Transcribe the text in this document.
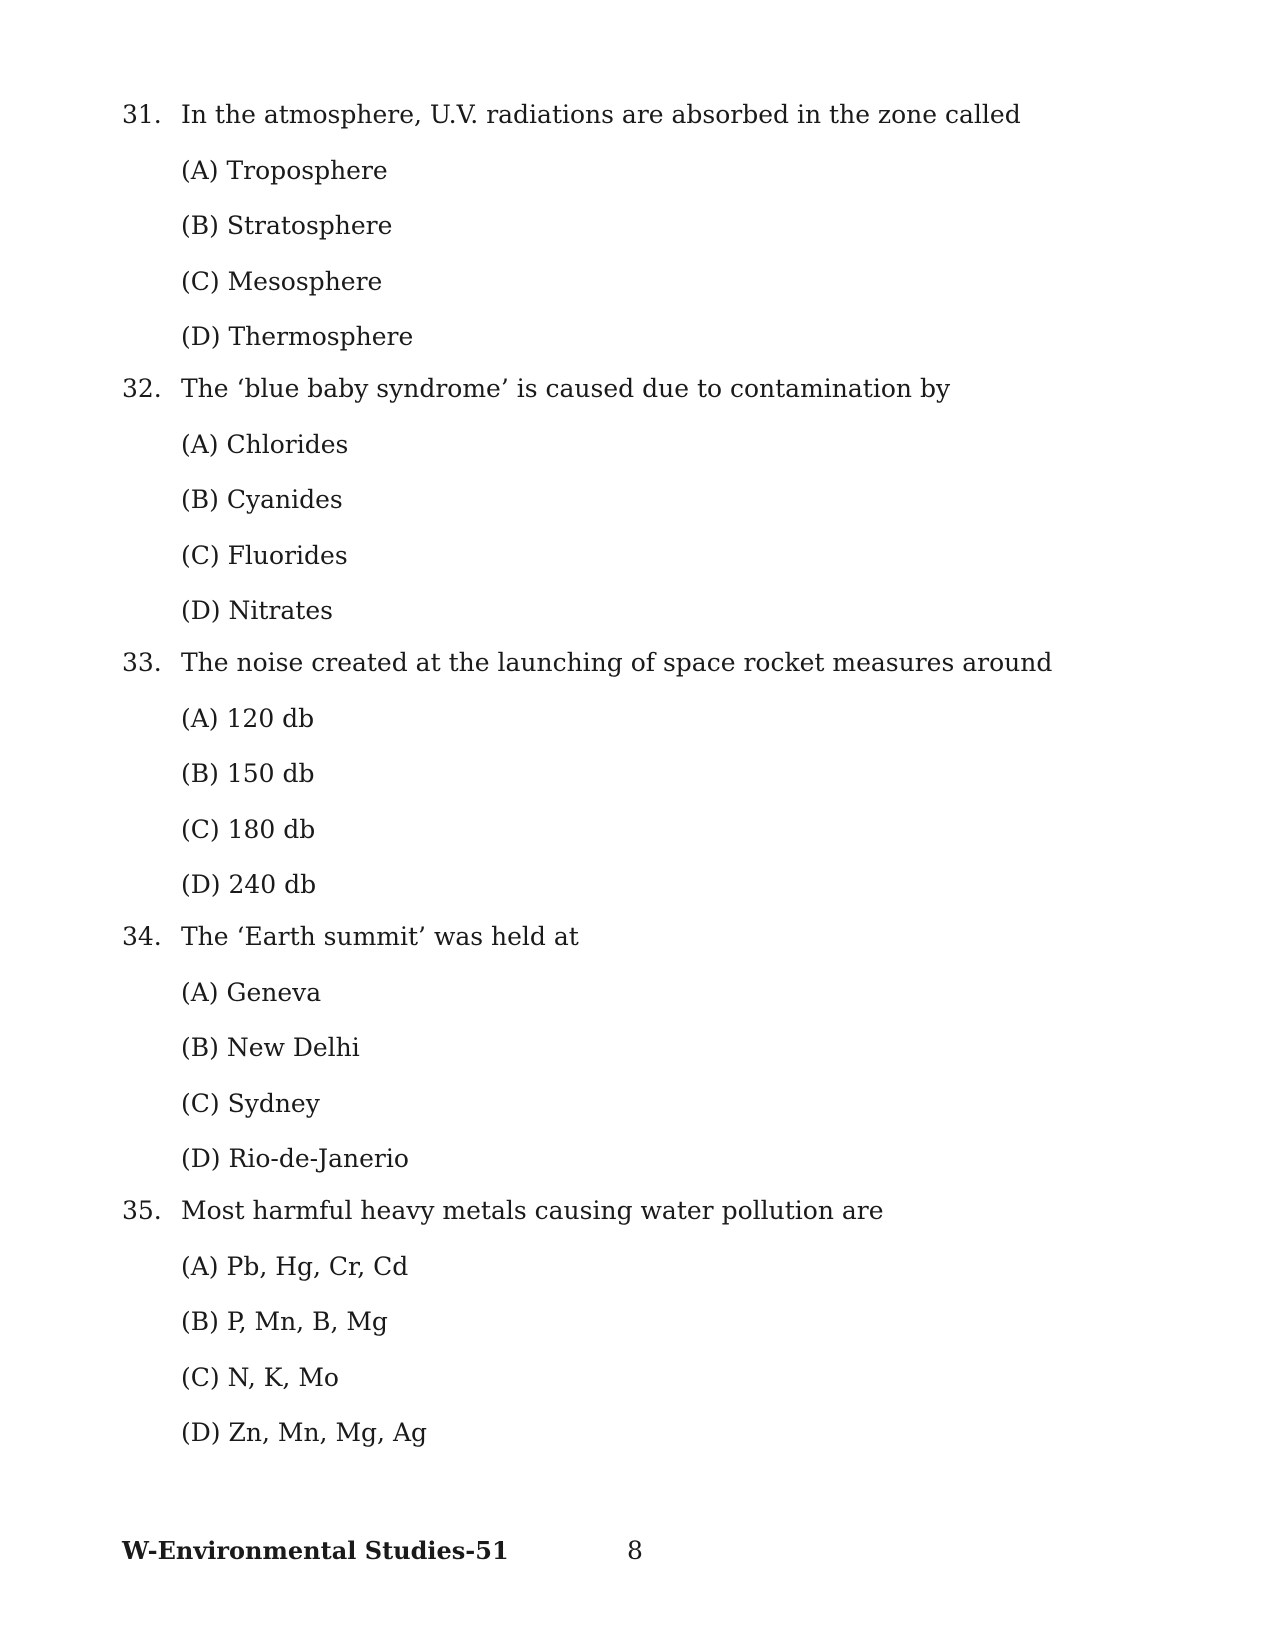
31. In the atmosphere, U.V. radiations are absorbed in the zone called
(A) Troposphere
(B) Stratosphere
(C) Mesosphere
(D) Thermosphere
32. The ‘blue baby syndrome’ is caused due to contamination by
(A) Chlorides
(B) Cyanides
(C) Fluorides
(D) Nitrates
33. The noise created at the launching of space rocket measures around
(A) 120 db
(B) 150 db
(C) 180 db
(D) 240 db
34. The ‘Earth summit’ was held at
(A) Geneva
(B) New Delhi
(C) Sydney
(D) Rio-de-Janerio
35. Most harmful heavy metals causing water pollution are
(A) Pb, Hg, Cr, Cd
(B) P, Mn, B, Mg
(C) N, K, Mo
(D) Zn, Mn, Mg, Ag
W-Environmental Studies-51	8
